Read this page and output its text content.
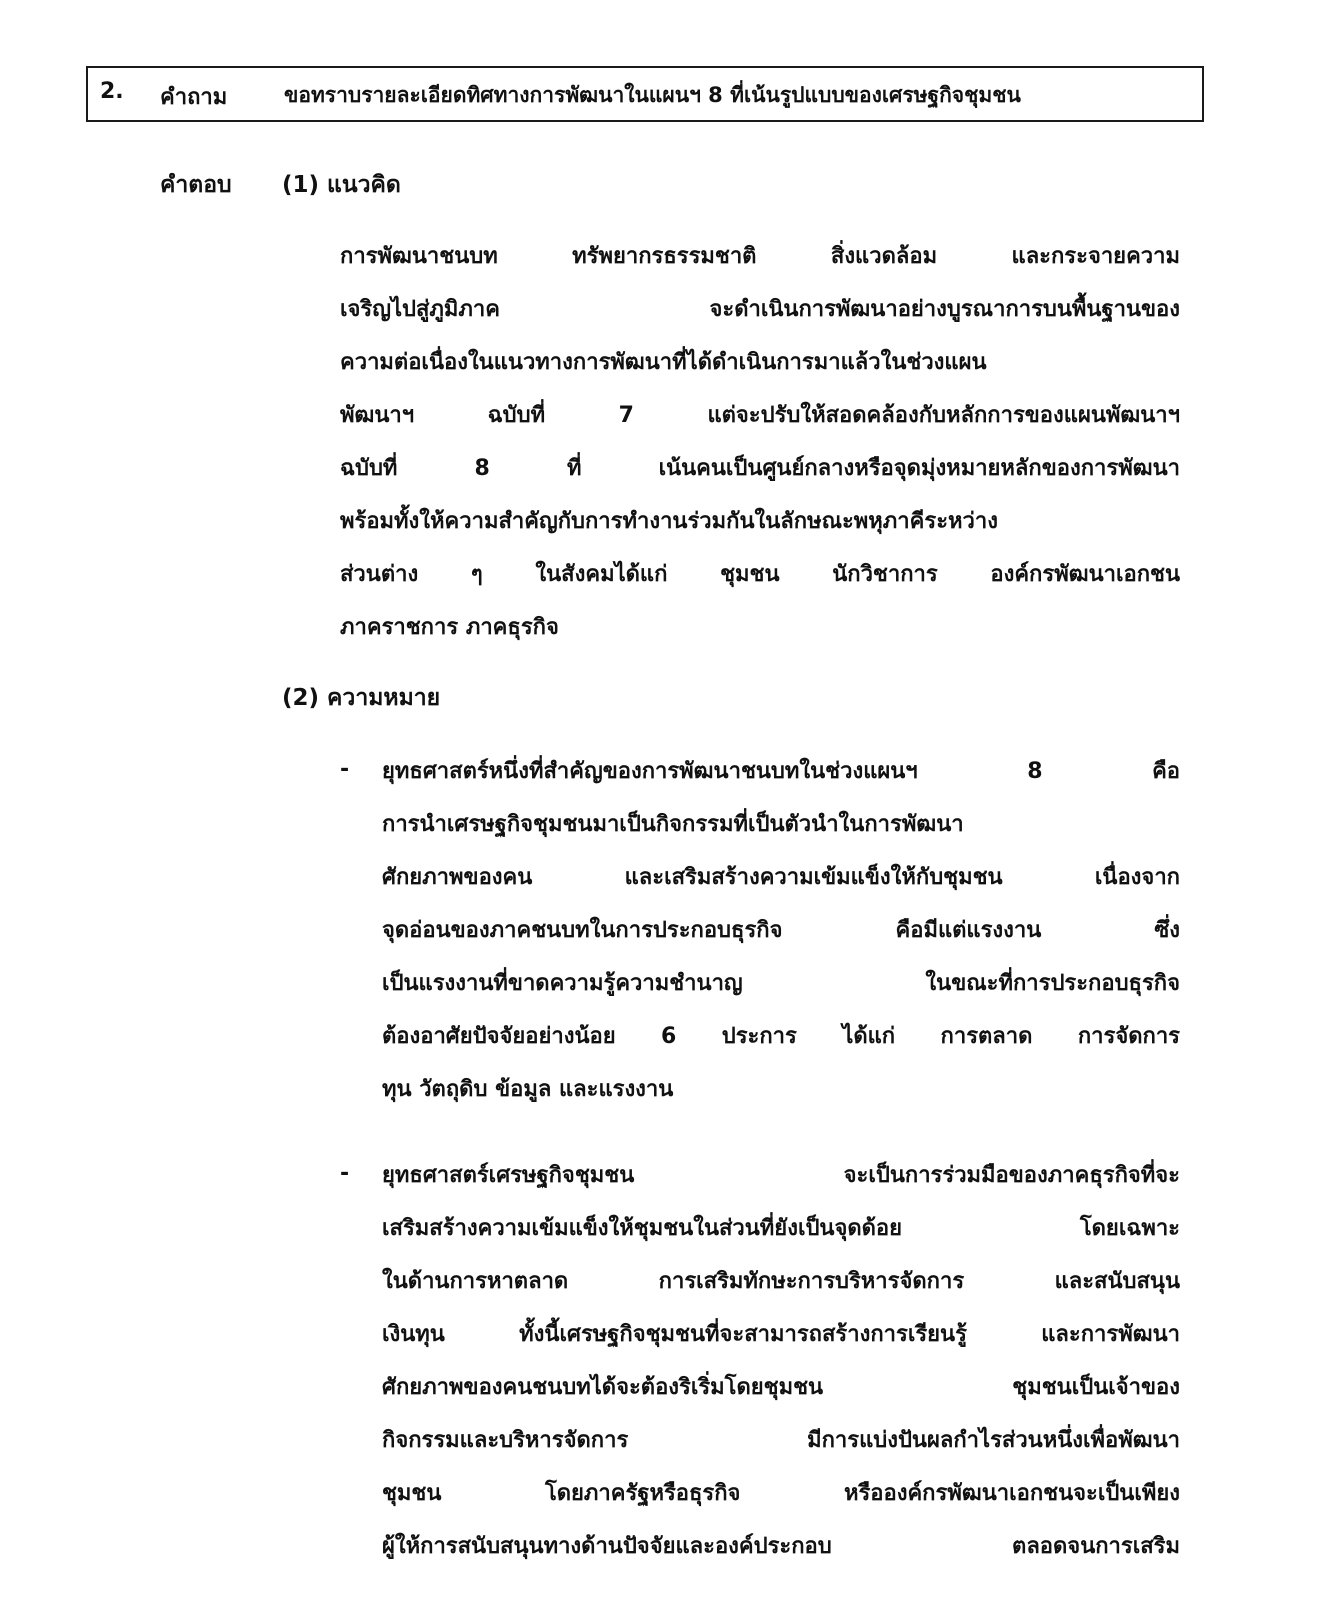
2. คำถาม	ขอทราบรายละเอียดทิศทางการพัฒนาในแผนฯ 8 ที่เน้นรูปแบบของเศรษฐกิจชุมชน
คำตอบ (1) แนวคิด
การพัฒนาชนบท ทรัพยากรธรรมชาติ สิ่งแวดล้อม และกระจายความ
เจริญไปสู่ภูมิภาค จะดำเนินการพัฒนาอย่างบูรณาการบนพื้นฐานของ
ความต่อเนื่องในแนวทางการพัฒนาที่ได้ดำเนินการมาแล้วในช่วงแผน
พัฒนาฯ ฉบับที่ 7 แต่จะปรับให้สอดคล้องกับหลักการของแผนพัฒนาฯ
ฉบับที่ 8 ที่ เน้นคนเป็นศูนย์กลางหรือจุดมุ่งหมายหลักของการพัฒนา
พร้อมทั้งให้ความสำคัญกับการทำงานร่วมกันในลักษณะพหุภาคีระหว่าง
ส่วนต่าง ๆ ในสังคมได้แก่ ชุมชน นักวิชาการ องค์กรพัฒนาเอกชน
ภาคราชการ ภาคธุรกิจ
(2) ความหมาย
- ยุทธศาสตร์หนึ่งที่สำคัญของการพัฒนาชนบทในช่วงแผนฯ 8 คือ
การนำเศรษฐกิจชุมชนมาเป็นกิจกรรมที่เป็นตัวนำในการพัฒนา
ศักยภาพของคน และเสริมสร้างความเข้มแข็งให้กับชุมชน เนื่องจาก
จุดอ่อนของภาคชนบทในการประกอบธุรกิจ คือมีแต่แรงงาน ซึ่ง
เป็นแรงงานที่ขาดความรู้ความชำนาญ ในขณะที่การประกอบธุรกิจ
ต้องอาศัยปัจจัยอย่างน้อย 6 ประการ ได้แก่ การตลาด การจัดการ
ทุน วัตถุดิบ ข้อมูล และแรงงาน
- ยุทธศาสตร์เศรษฐกิจชุมชน จะเป็นการร่วมมือของภาคธุรกิจที่จะ
เสริมสร้างความเข้มแข็งให้ชุมชนในส่วนที่ยังเป็นจุดด้อย โดยเฉพาะ
ในด้านการหาตลาด การเสริมทักษะการบริหารจัดการ และสนับสนุน
เงินทุน ทั้งนี้เศรษฐกิจชุมชนที่จะสามารถสร้างการเรียนรู้ และการพัฒนา
ศักยภาพของคนชนบทได้จะต้องริเริ่มโดยชุมชน ชุมชนเป็นเจ้าของ
กิจกรรมและบริหารจัดการ มีการแบ่งปันผลกำไรส่วนหนึ่งเพื่อพัฒนา
ชุมชน โดยภาครัฐหรือธุรกิจ หรือองค์กรพัฒนาเอกชนจะเป็นเพียง
ผู้ให้การสนับสนุนทางด้านปัจจัยและองค์ประกอบ ตลอดจนการเสริม
